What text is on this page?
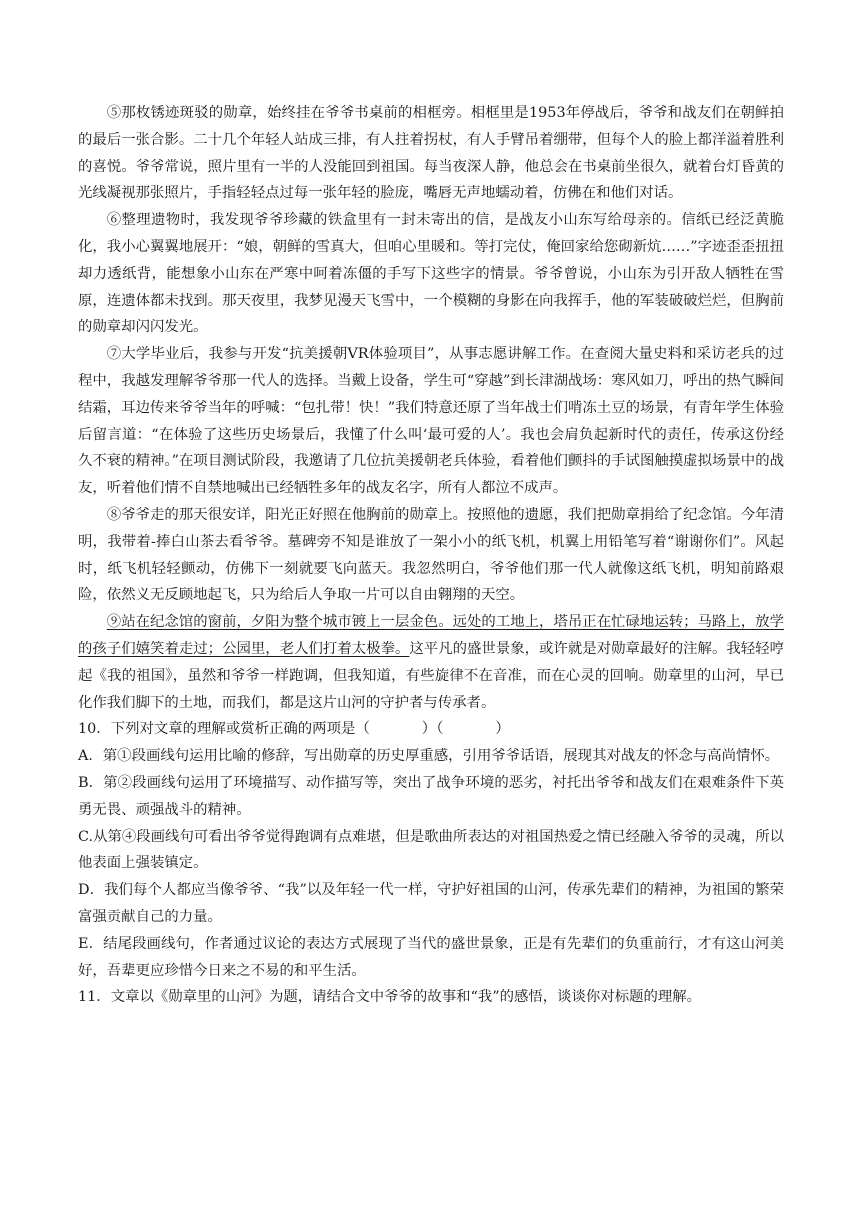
⑤那枚锈迹斑驳的勋章，始终挂在爷爷书桌前的相框旁。相框里是1953年停战后，爷爷和战友们在朝鲜拍的最后一张合影。二十几个年轻人站成三排，有人拄着拐杖，有人手臂吊着绷带，但每个人的脸上都洋溢着胜利的喜悦。爷爷常说，照片里有一半的人没能回到祖国。每当夜深人静，他总会在书桌前坐很久，就着台灯昏黄的光线凝视那张照片，手指轻轻点过每一张年轻的脸庞，嘴唇无声地蠕动着，仿佛在和他们对话。

⑥整理遗物时，我发现爷爷珍藏的铁盒里有一封未寄出的信，是战友小山东写给母亲的。信纸已经泛黄脆化，我小心翼翼地展开：“娘，朝鲜的雪真大，但咱心里暖和。等打完仗，俺回家给您砌新炕……”字迹歪歪扭扭却力透纸背，能想象小山东在严寒中呵着冻僵的手写下这些字的情景。爷爷曾说，小山东为引开敌人牺牲在雪原，连遗体都未找到。那天夜里，我梦见漫天飞雪中，一个模糊的身影在向我挥手，他的军装破破烂烂，但胸前的勋章却闪闪发光。

⑦大学毕业后，我参与开发“抗美援朝VR体验项目”，从事志愿讲解工作。在查阅大量史料和采访老兵的过程中，我越发理解爷爷那一代人的选择。当戴上设备，学生可“穿越”到长津湖战场：寒风如刀，呼出的热气瞬间结霜，耳边传来爷爷当年的呼喊：“包扎带！快！”我们特意还原了当年战士们啃冻土豆的场景，有青年学生体验后留言道：“在体验了这些历史场景后，我懂了什么叫‘最可爱的人’。我也会肩负起新时代的责任，传承这份经久不衰的精神。”在项目测试阶段，我邀请了几位抗美援朝老兵体验，看着他们颤抖的手试图触摸虚拟场景中的战友，听着他们情不自禁地喊出已经牺牲多年的战友名字，所有人都泣不成声。

⑧爷爷走的那天很安详，阳光正好照在他胸前的勋章上。按照他的遗愿，我们把勋章捐给了纪念馆。今年清明，我带着-捧白山茶去看爷爷。墓碑旁不知是谁放了一架小小的纸飞机，机翼上用铅笔写着“谢谢你们”。风起时，纸飞机轻轻颤动，仿佛下一刻就要飞向蓝天。我忽然明白，爷爷他们那一代人就像这纸飞机，明知前路艰险，依然义无反顾地起飞，只为给后人争取一片可以自由翱翔的天空。

⑨站在纪念馆的窗前，夕阳为整个城市镀上一层金色。远处的工地上，塔吊正在忙碌地运转；马路上，放学的孩子们嬉笑着走过；公园里，老人们打着太极拳。这平凡的盛世景象，或许就是对勋章最好的注解。我轻轻哼起《我的祖国》，虽然和爷爷一样跑调，但我知道，有些旋律不在音准，而在心灵的回响。勋章里的山河，早已化作我们脚下的土地，而我们，都是这片山河的守护者与传承者。

10．下列对文章的理解或赏析正确的两项是（	）（	）

A．第①段画线句运用比喻的修辞，写出勋章的历史厚重感，引用爷爷话语，展现其对战友的怀念与高尚情怀。

B．第②段画线句运用了环境描写、动作描写等，突出了战争环境的恶劣，衬托出爷爷和战友们在艰难条件下英勇无畏、顽强战斗的精神。

C.从第④段画线句可看出爷爷觉得跑调有点难堪，但是歌曲所表达的对祖国热爱之情已经融入爷爷的灵魂，所以他表面上强装镇定。

D．我们每个人都应当像爷爷、“我”以及年轻一代一样，守护好祖国的山河，传承先辈们的精神，为祖国的繁荣富强贡献自己的力量。

E．结尾段画线句，作者通过议论的表达方式展现了当代的盛世景象，正是有先辈们的负重前行，才有这山河美好，吾辈更应珍惜今日来之不易的和平生活。

11．文章以《勋章里的山河》为题，请结合文中爷爷的故事和“我”的感悟，谈谈你对标题的理解。
